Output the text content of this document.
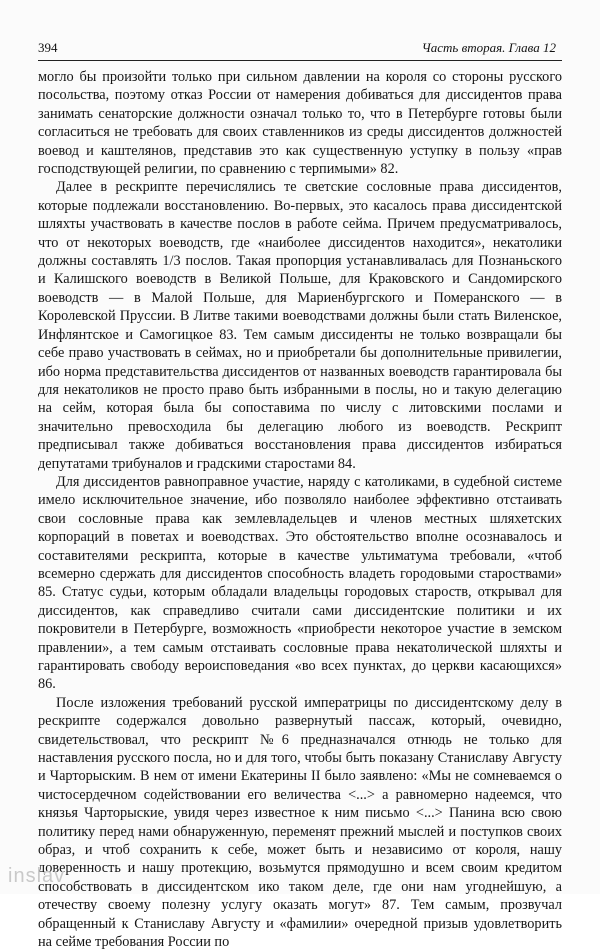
394	Часть вторая. Глава 12

могло бы произойти только при сильном давлении на короля со стороны русского посольства, поэтому отказ России от намерения добиваться для диссидентов права занимать сенаторские должности означал только то, что в Петербурге готовы были согласиться не требовать для своих ставленников из среды диссидентов должностей воевод и каштелянов, представив это как существенную уступку в пользу «прав господствующей религии, по сравнению с терпимыми» 82.

Далее в рескрипте перечислялись те светские сословные права диссидентов, которые подлежали восстановлению. Во-первых, это касалось права диссидентской шляхты участвовать в качестве послов в работе сейма. Причем предусматривалось, что от некоторых воеводств, где «наиболее диссидентов находится», некатолики должны составлять 1/3 послов. Такая пропорция устанавливалась для Познаньского и Калишского воеводств в Великой Польше, для Краковского и Сандомирского воеводств — в Малой Польше, для Мариенбургского и Померанского — в Королевской Пруссии. В Литве такими воеводствами должны были стать Виленское, Инфлянтское и Самогицкое 83. Тем самым диссиденты не только возвращали бы себе право участвовать в сеймах, но и приобретали бы дополнительные привилегии, ибо норма представительства диссидентов от названных воеводств гарантировала бы для некатоликов не просто право быть избранными в послы, но и такую делегацию на сейм, которая была бы сопоставима по числу с литовскими послами и значительно превосходила бы делегацию любого из воеводств. Рескрипт предписывал также добиваться восстановления права диссидентов избираться депутатами трибуналов и градскими старостами 84.

Для диссидентов равноправное участие, наряду с католиками, в судебной системе имело исключительное значение, ибо позволяло наиболее эффективно отстаивать свои сословные права как землевладельцев и членов местных шляхетских корпораций в поветах и воеводствах. Это обстоятельство вполне осознавалось и составителями рескрипта, которые в качестве ультиматума требовали, «чтоб всемерно сдержать для диссидентов способность владеть городовыми староствами» 85. Статус судьи, которым обладали владельцы городовых староств, открывал для диссидентов, как справедливо считали сами диссидентские политики и их покровители в Петербурге, возможность «приобрести некоторое участие в земском правлении», а тем самым отстаивать сословные права некатолической шляхты и гарантировать свободу вероисповедания «во всех пунктах, до церкви касающихся» 86.

После изложения требований русской императрицы по диссидентскому делу в рескрипте содержался довольно развернутый пассаж, который, очевидно, свидетельствовал, что рескрипт №6 предназначался отнюдь не только для наставления русского посла, но и для того, чтобы быть показану Станиславу Августу и Чарторыским. В нем от имени Екатерины II было заявлено: «Мы не сомневаемся о чистосердечном содействовании его величества <...> а равномерно надеемся, что князья Чарторыские, увидя через известное к ним письмо <...> Панина всю свою политику перед нами обнаруженную, переменят прежний мыслей и поступков своих образ, и чтоб сохранить к себе, может быть и независимо от короля, нашу доверенность и нашу протекцию, возьмутся прямодушно и всем своим кредитом способствовать в диссидентском ико таком деле, где они нам угоднейшую, а отечеству своему полезну услугу оказать могут» 87. Тем самым, прозвучал обращенный к Станиславу Августу и «фамилии» очередной призыв удовлетворить на сейме требования России по

inslav
